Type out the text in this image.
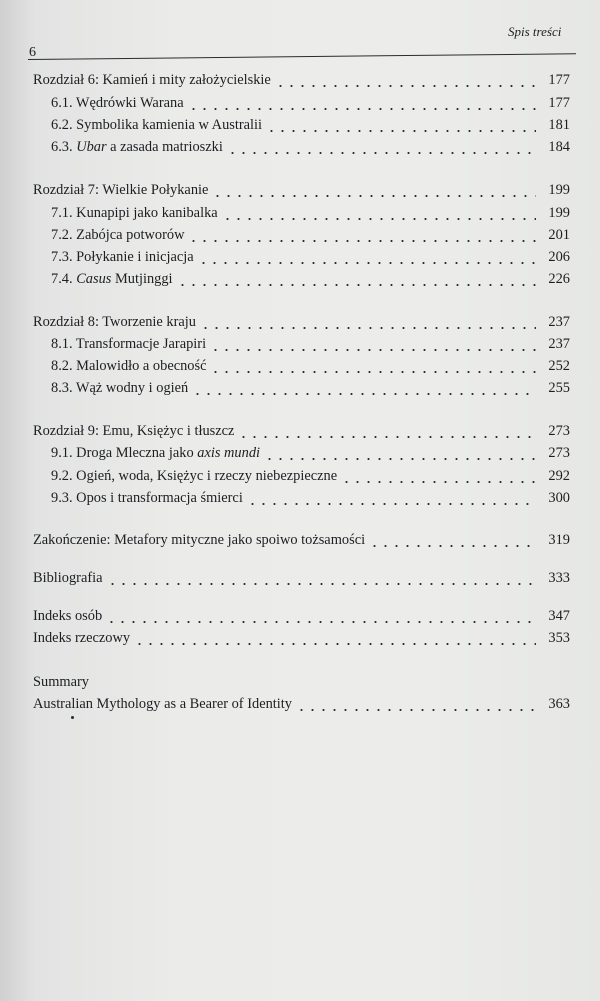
Spis treści
6
Rozdział 6: Kamień i mity założycielskie	177
6.1. Wędrówki Warana	177
6.2. Symbolika kamienia w Australii	181
6.3. Ubar a zasada matrioszki	184
Rozdział 7: Wielkie Połykanie	199
7.1. Kunapipi jako kanibalka	199
7.2. Zabójca potworów	201
7.3. Połykanie i inicjacja	206
7.4. Casus Mutjinggi	226
Rozdział 8: Tworzenie kraju	237
8.1. Transformacje Jarapiri	237
8.2. Malowidło a obecność	252
8.3. Wąż wodny i ogień	255
Rozdział 9: Emu, Księżyc i tłuszcz	273
9.1. Droga Mleczna jako axis mundi	273
9.2. Ogień, woda, Księżyc i rzeczy niebezpieczne	292
9.3. Opos i transformacja śmierci	300
Zakończenie: Metafory mityczne jako spoiwo tożsamości	319
Bibliografia	333
Indeks osób	347
Indeks rzeczowy	353
Summary
Australian Mythology as a Bearer of Identity	363
